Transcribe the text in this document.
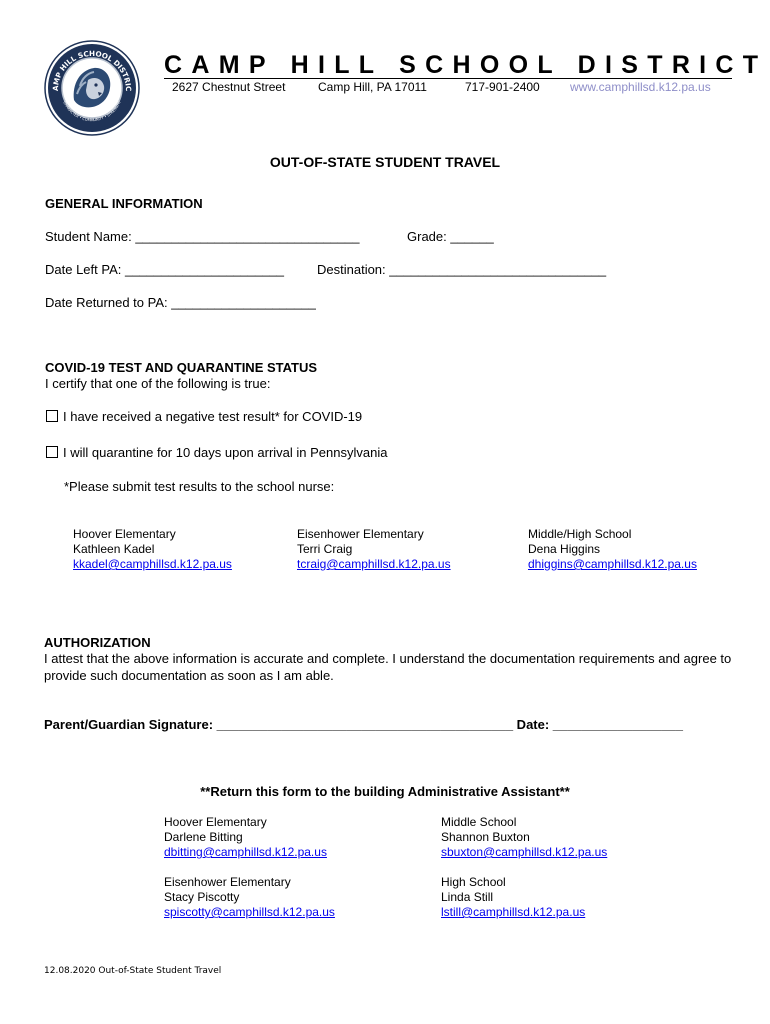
AMP HILL SCHOOL DISTRIC
CHARACTER • COMMUNITY • STRENGTH
CAMP HILL SCHOOL DISTRICT
2627 Chestnut Street	Camp Hill, PA 17011	717-901-2400	www.camphillsd.k12.pa.us
OUT-OF-STATE STUDENT TRAVEL
GENERAL INFORMATION
Student Name: _______________________________	Grade: ______
Date Left PA: ______________________	Destination: ______________________________
Date Returned to PA: ____________________
COVID-19 TEST AND QUARANTINE STATUS
I certify that one of the following is true:
I have received a negative test result* for COVID-19
I will quarantine for 10 days upon arrival in Pennsylvania
*Please submit test results to the school nurse:
Hoover Elementary
Kathleen Kadel
kkadel@camphillsd.k12.pa.us
Eisenhower Elementary
Terri Craig
tcraig@camphillsd.k12.pa.us
Middle/High School
Dena Higgins
dhiggins@camphillsd.k12.pa.us
AUTHORIZATION
I attest that the above information is accurate and complete. I understand the documentation requirements and agree to provide such documentation as soon as I am able.
Parent/Guardian Signature: _________________________________________ Date: __________________
**Return this form to the building Administrative Assistant**
Hoover Elementary
Darlene Bitting
dbitting@camphillsd.k12.pa.us
Middle School
Shannon Buxton
sbuxton@camphillsd.k12.pa.us
Eisenhower Elementary
Stacy Piscotty
spiscotty@camphillsd.k12.pa.us
High School
Linda Still
lstill@camphillsd.k12.pa.us
12.08.2020 Out-of-State Student Travel
